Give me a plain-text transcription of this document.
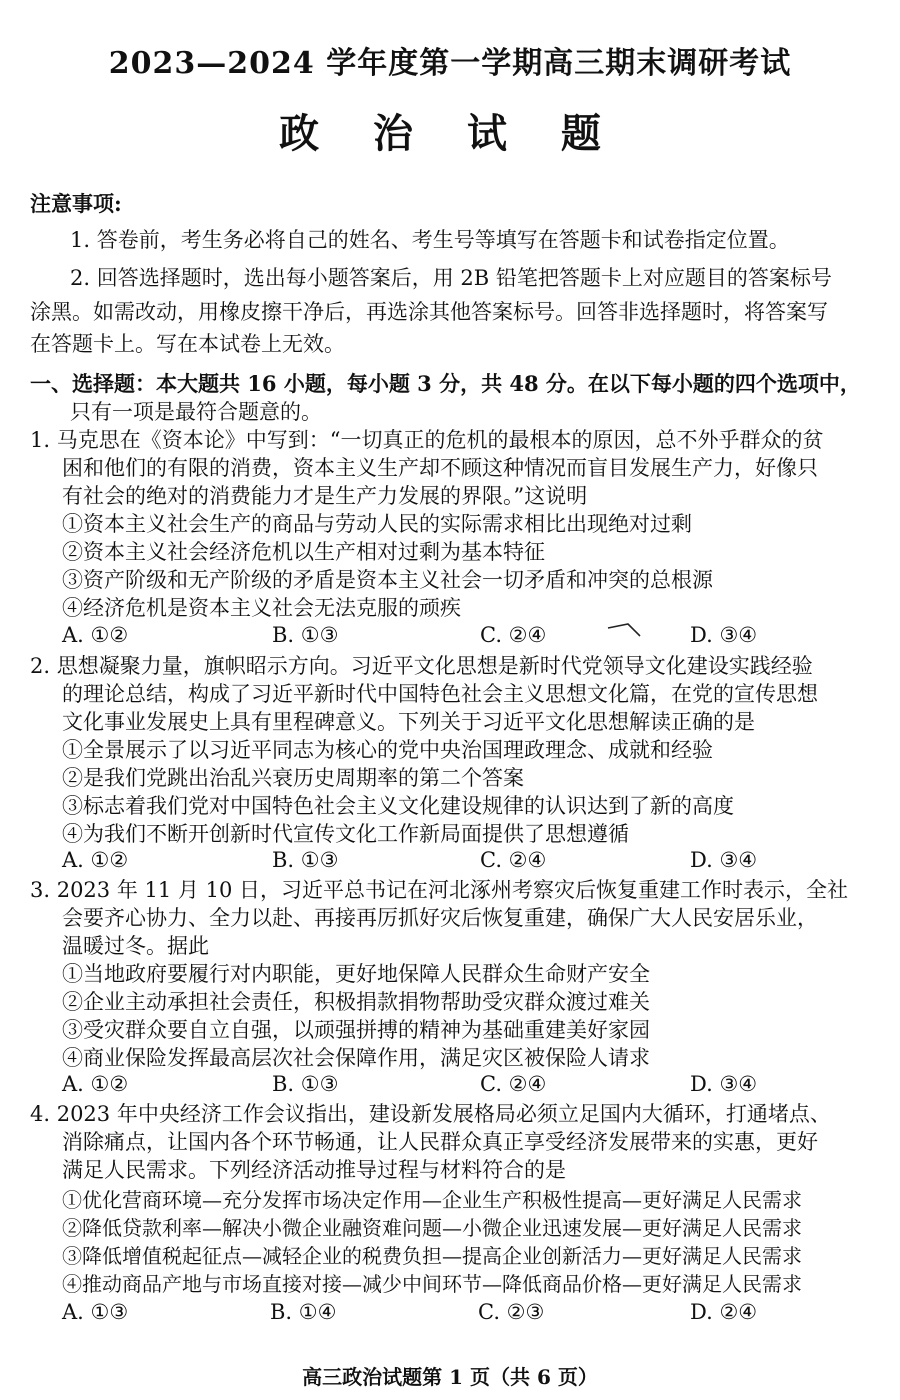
2023—2024 学年度第一学期高三期末调研考试
政 治 试 题
注意事项:
1. 答卷前，考生务必将自己的姓名、考生号等填写在答题卡和试卷指定位置。
2. 回答选择题时，选出每小题答案后，用 2B 铅笔把答题卡上对应题目的答案标号
涂黑。如需改动，用橡皮擦干净后，再选涂其他答案标号。回答非选择题时，将答案写
在答题卡上。写在本试卷上无效。
一、选择题：本大题共 16 小题，每小题 3 分，共 48 分。在以下每小题的四个选项中，
只有一项是最符合题意的。
1. 马克思在《资本论》中写到：“一切真正的危机的最根本的原因，总不外乎群众的贫
困和他们的有限的消费，资本主义生产却不顾这种情况而盲目发展生产力，好像只
有社会的绝对的消费能力才是生产力发展的界限。”这说明
①资本主义社会生产的商品与劳动人民的实际需求相比出现绝对过剩
②资本主义社会经济危机以生产相对过剩为基本特征
③资产阶级和无产阶级的矛盾是资本主义社会一切矛盾和冲突的总根源
④经济危机是资本主义社会无法克服的顽疾
A. ①②	B. ①③	C. ②④	D. ③④
2. 思想凝聚力量，旗帜昭示方向。习近平文化思想是新时代党领导文化建设实践经验
的理论总结，构成了习近平新时代中国特色社会主义思想文化篇，在党的宣传思想
文化事业发展史上具有里程碑意义。下列关于习近平文化思想解读正确的是
①全景展示了以习近平同志为核心的党中央治国理政理念、成就和经验
②是我们党跳出治乱兴衰历史周期率的第二个答案
③标志着我们党对中国特色社会主义文化建设规律的认识达到了新的高度
④为我们不断开创新时代宣传文化工作新局面提供了思想遵循
A. ①②	B. ①③	C. ②④	D. ③④
3. 2023 年 11 月 10 日，习近平总书记在河北涿州考察灾后恢复重建工作时表示，全社
会要齐心协力、全力以赴、再接再厉抓好灾后恢复重建，确保广大人民安居乐业，
温暖过冬。据此
①当地政府要履行对内职能，更好地保障人民群众生命财产安全
②企业主动承担社会责任，积极捐款捐物帮助受灾群众渡过难关
③受灾群众要自立自强，以顽强拼搏的精神为基础重建美好家园
④商业保险发挥最高层次社会保障作用，满足灾区被保险人请求
A. ①②	B. ①③	C. ②④	D. ③④
4. 2023 年中央经济工作会议指出，建设新发展格局必须立足国内大循环，打通堵点、
消除痛点，让国内各个环节畅通，让人民群众真正享受经济发展带来的实惠，更好
满足人民需求。下列经济活动推导过程与材料符合的是
①优化营商环境—充分发挥市场决定作用—企业生产积极性提高—更好满足人民需求
②降低贷款利率—解决小微企业融资难问题—小微企业迅速发展—更好满足人民需求
③降低增值税起征点—减轻企业的税费负担—提高企业创新活力—更好满足人民需求
④推动商品产地与市场直接对接—减少中间环节—降低商品价格—更好满足人民需求
A. ①③	B. ①④	C. ②③	D. ②④
高三政治试题第 1 页（共 6 页）
